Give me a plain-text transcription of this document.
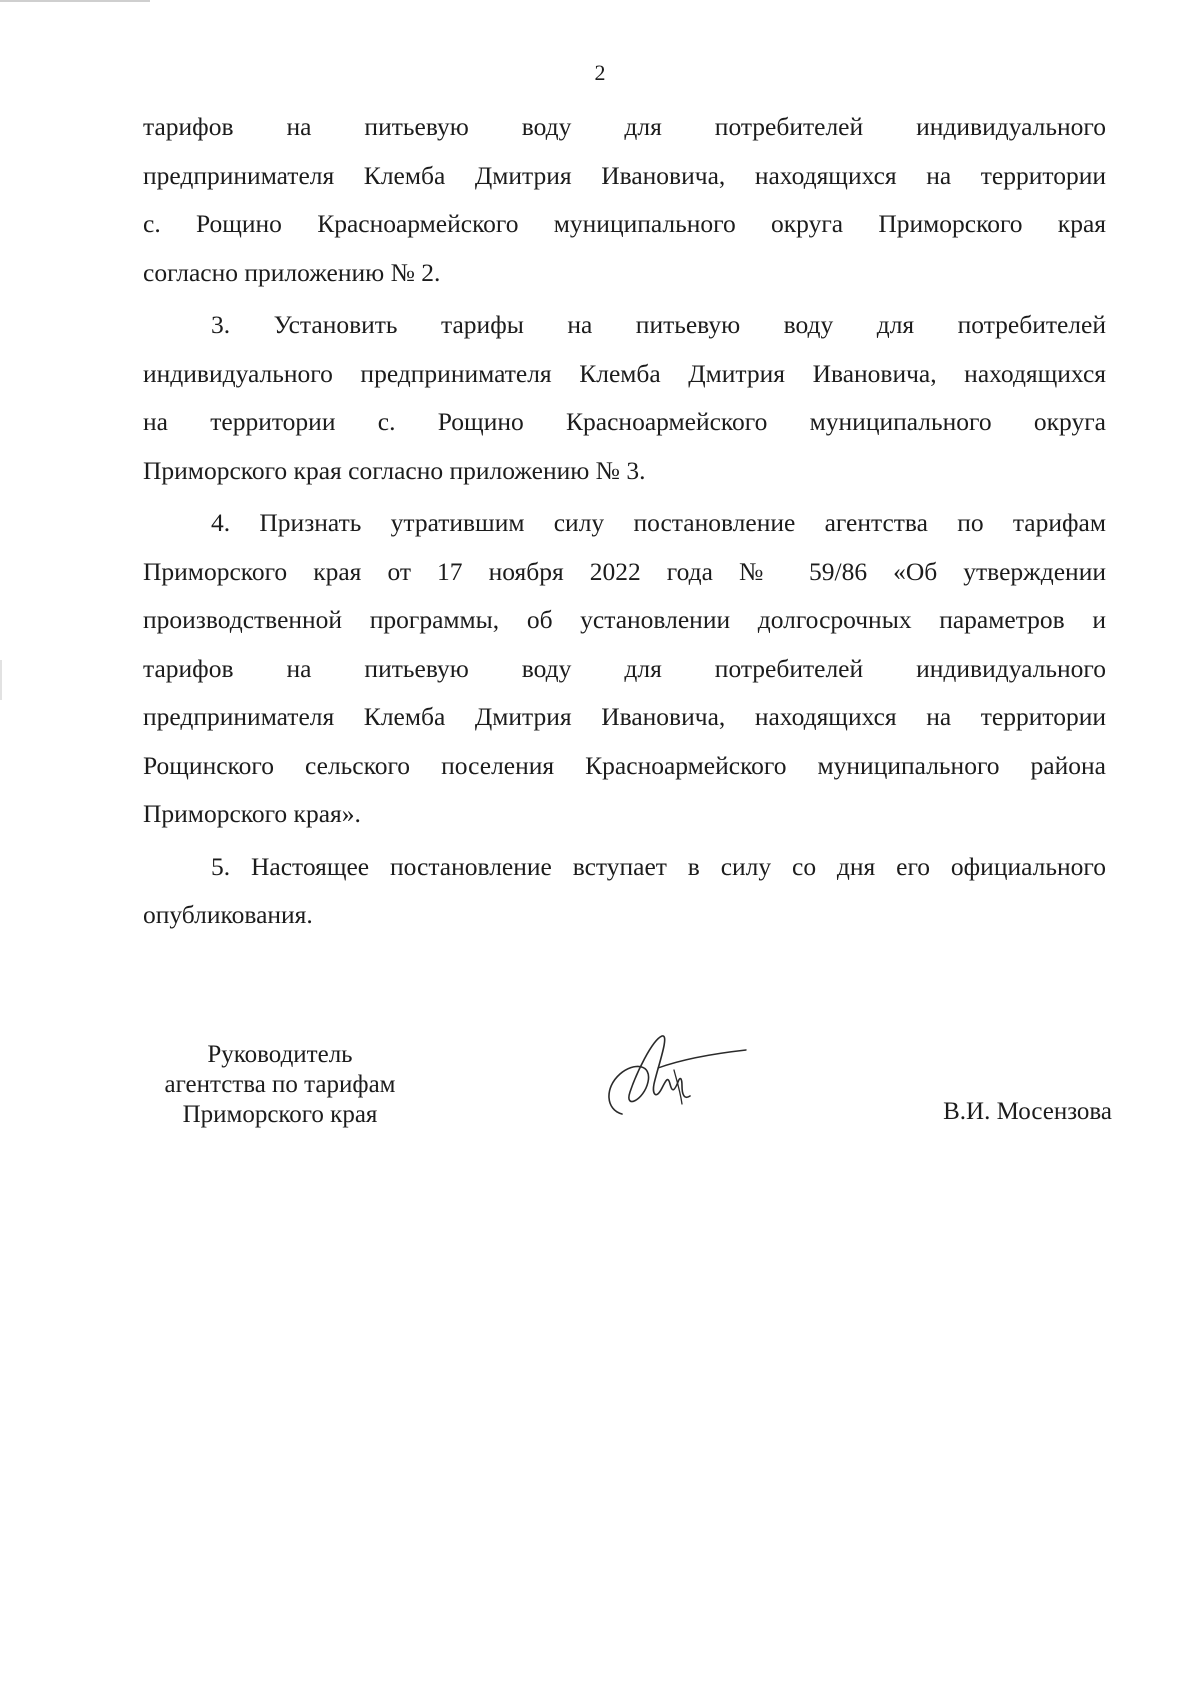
2

тарифов на питьевую воду для потребителей индивидуального
предпринимателя Клемба Дмитрия Ивановича, находящихся на территории
с. Рощино Красноармейского муниципального округа Приморского края
согласно приложению № 2.

3. Установить тарифы на питьевую воду для потребителей
индивидуального предпринимателя Клемба Дмитрия Ивановича, находящихся
на территории с. Рощино Красноармейского муниципального округа
Приморского края согласно приложению № 3.

4. Признать утратившим силу постановление агентства по тарифам
Приморского края от 17 ноября 2022 года № 59/86 «Об утверждении
производственной программы, об установлении долгосрочных параметров и
тарифов на питьевую воду для потребителей индивидуального
предпринимателя Клемба Дмитрия Ивановича, находящихся на территории
Рощинского сельского поселения Красноармейского муниципального района
Приморского края».

5. Настоящее постановление вступает в силу со дня его официального
опубликования.

Руководитель
агентства по тарифам
Приморского края	В.И. Мосензова
